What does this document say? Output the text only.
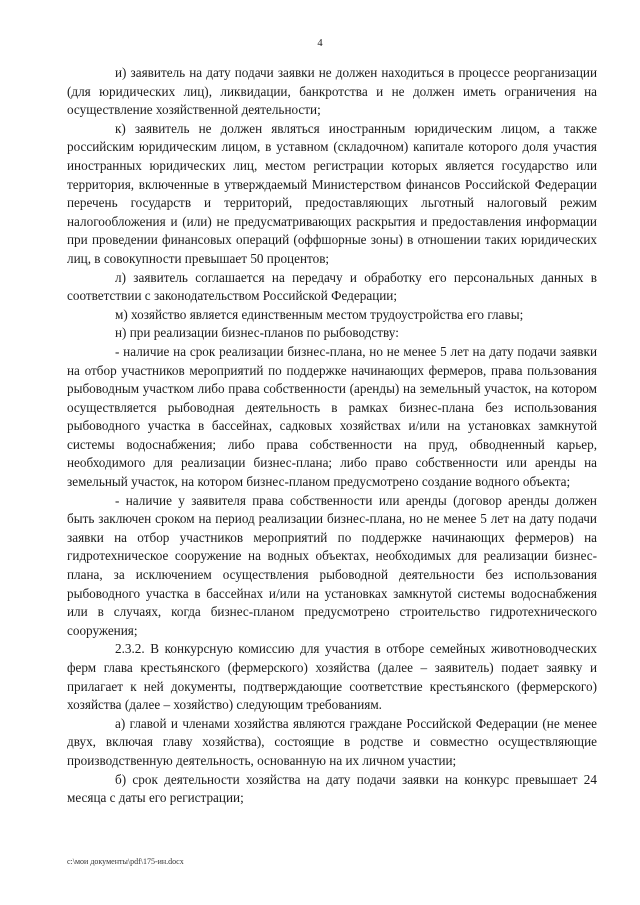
4

и) заявитель на дату подачи заявки не должен находиться в процессе реорганизации (для юридических лиц), ликвидации, банкротства и не должен иметь ограничения на осуществление хозяйственной деятельности;

к) заявитель не должен являться иностранным юридическим лицом, а также российским юридическим лицом, в уставном (складочном) капитале которого доля участия иностранных юридических лиц, местом регистрации которых является государство или территория, включенные в утверждаемый Министерством финансов Российской Федерации перечень государств и территорий, предоставляющих льготный налоговый режим налогообложения и (или) не предусматривающих раскрытия и предоставления информации при проведении финансовых операций (оффшорные зоны) в отношении таких юридических лиц, в совокупности превышает 50 процентов;

л) заявитель соглашается на передачу и обработку его персональных данных в соответствии с законодательством Российской Федерации;

м) хозяйство является единственным местом трудоустройства его главы;

н) при реализации бизнес-планов по рыбоводству:

- наличие на срок реализации бизнес-плана, но не менее 5 лет на дату подачи заявки на отбор участников мероприятий по поддержке начинающих фермеров, права пользования рыбоводным участком либо права собственности (аренды) на земельный участок, на котором осуществляется рыбоводная деятельность в рамках бизнес-плана без использования рыбоводного участка в бассейнах, садковых хозяйствах и/или на установках замкнутой системы водоснабжения; либо права собственности на пруд, обводненный карьер, необходимого для реализации бизнес-плана; либо право собственности или аренды на земельный участок, на котором бизнес-планом предусмотрено создание водного объекта;

- наличие у заявителя права собственности или аренды (договор аренды должен быть заключен сроком на период реализации бизнес-плана, но не менее 5 лет на дату подачи заявки на отбор участников мероприятий по поддержке начинающих фермеров) на гидротехническое сооружение на водных объектах, необходимых для реализации бизнес-плана, за исключением осуществления рыбоводной деятельности без использования рыбоводного участка в бассейнах и/или на установках замкнутой системы водоснабжения или в случаях, когда бизнес-планом предусмотрено строительство гидротехнического сооружения;

2.3.2. В конкурсную комиссию для участия в отборе семейных животноводческих ферм глава крестьянского (фермерского) хозяйства (далее – заявитель) подает заявку и прилагает к ней документы, подтверждающие соответствие крестьянского (фермерского) хозяйства (далее – хозяйство) следующим требованиям.

а) главой и членами хозяйства являются граждане Российской Федерации (не менее двух, включая главу хозяйства), состоящие в родстве и совместно осуществляющие производственную деятельность, основанную на их личном участии;

б) срок деятельности хозяйства на дату подачи заявки на конкурс превышает 24 месяца с даты его регистрации;

c:\мои документы\pdf\175-ин.docx
